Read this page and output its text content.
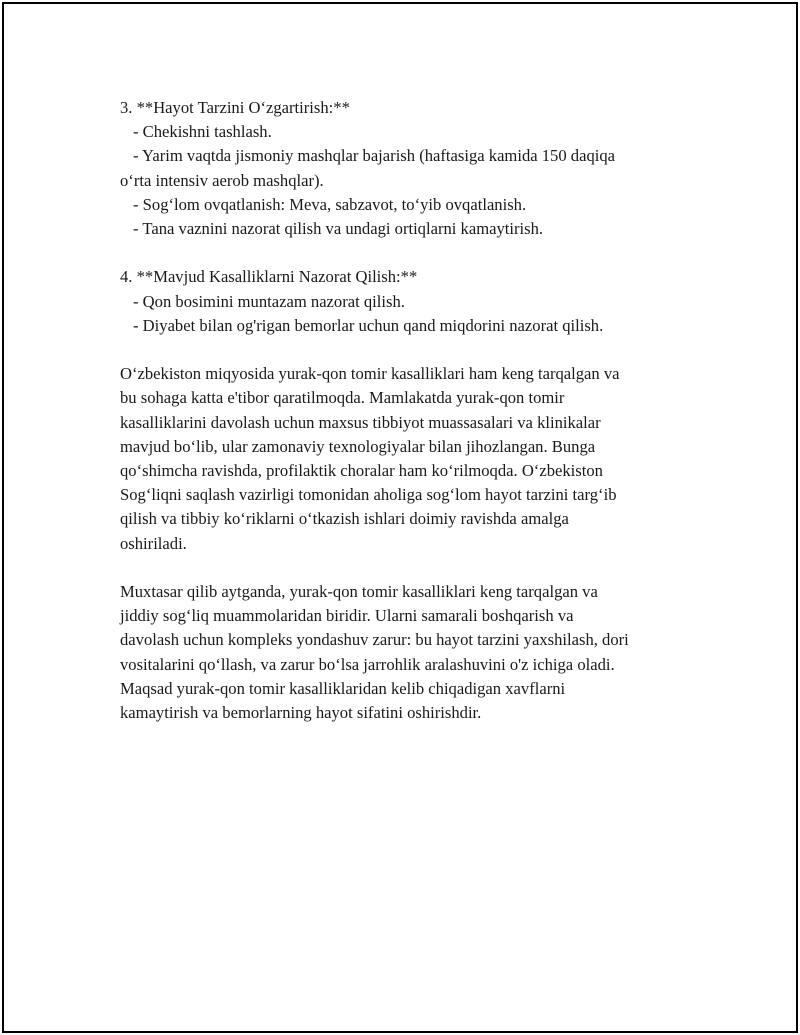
3. **Hayot Tarzini O‘zgartirish:**

- Chekishni tashlash.

- Yarim vaqtda jismoniy mashqlar bajarish (haftasiga kamida 150 daqiqa

o‘rta intensiv aerob mashqlar).

- Sog‘lom ovqatlanish: Meva, sabzavot, to‘yib ovqatlanish.

- Tana vaznini nazorat qilish va undagi ortiqlarni kamaytirish.

4. **Mavjud Kasalliklarni Nazorat Qilish:**

- Qon bosimini muntazam nazorat qilish.

- Diyabet bilan og'rigan bemorlar uchun qand miqdorini nazorat qilish.

O‘zbekiston miqyosida yurak-qon tomir kasalliklari ham keng tarqalgan va

bu sohaga katta e'tibor qaratilmoqda. Mamlakatda yurak-qon tomir

kasalliklarini davolash uchun maxsus tibbiyot muassasalari va klinikalar

mavjud bo‘lib, ular zamonaviy texnologiyalar bilan jihozlangan. Bunga

qo‘shimcha ravishda, profilaktik choralar ham ko‘rilmoqda. O‘zbekiston

Sog‘liqni saqlash vazirligi tomonidan aholiga sog‘lom hayot tarzini targ‘ib

qilish va tibbiy ko‘riklarni o‘tkazish ishlari doimiy ravishda amalga

oshiriladi.

Muxtasar qilib aytganda, yurak-qon tomir kasalliklari keng tarqalgan va

jiddiy sog‘liq muammolaridan biridir. Ularni samarali boshqarish va

davolash uchun kompleks yondashuv zarur: bu hayot tarzini yaxshilash, dori

vositalarini qo‘llash, va zarur bo‘lsa jarrohlik aralashuvini o'z ichiga oladi.

Maqsad yurak-qon tomir kasalliklaridan kelib chiqadigan xavflarni

kamaytirish va bemorlarning hayot sifatini oshirishdir.
